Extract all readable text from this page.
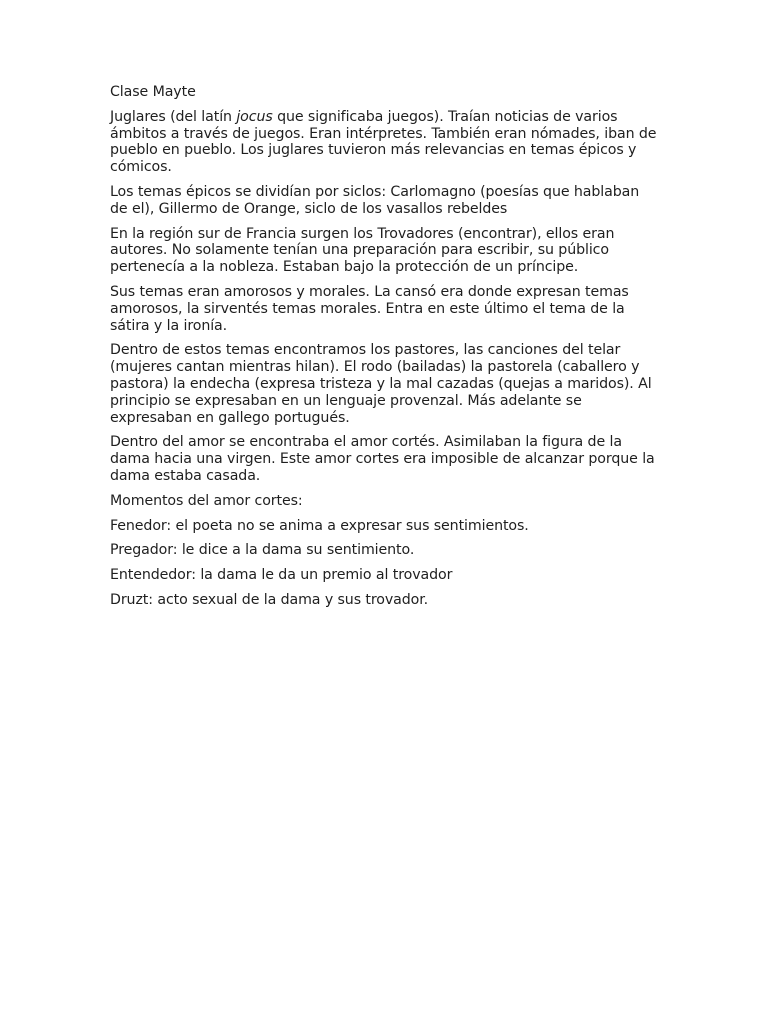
Clase Mayte

Juglares (del latín jocus que significaba juegos). Traían noticias de varios ámbitos a través de juegos. Eran intérpretes. También eran nómades, iban de pueblo en pueblo. Los juglares tuvieron más relevancias en temas épicos y cómicos.

Los temas épicos se dividían por siclos: Carlomagno (poesías que hablaban de el), Gillermo de Orange, siclo de los vasallos rebeldes

En la región sur de Francia surgen los Trovadores (encontrar), ellos eran autores. No solamente tenían una preparación para escribir, su público pertenecía a la nobleza. Estaban bajo la protección de un príncipe.

Sus temas eran amorosos y morales. La cansó era donde expresan temas amorosos, la sirventés temas morales. Entra en este último el tema de la sátira y la ironía.

Dentro de estos temas encontramos los pastores, las canciones del telar (mujeres cantan mientras hilan). El rodo (bailadas) la pastorela (caballero y pastora) la endecha (expresa tristeza y la mal cazadas (quejas a maridos). Al principio se expresaban en un lenguaje provenzal. Más adelante se expresaban en gallego portugués.

Dentro del amor se encontraba el amor cortés. Asimilaban la figura de la dama hacia una virgen. Este amor cortes era imposible de alcanzar porque la dama estaba casada.

Momentos del amor cortes:

Fenedor: el poeta no se anima a expresar sus sentimientos.

Pregador: le dice a la dama su sentimiento.

Entendedor: la dama le da un premio al trovador

Druzt: acto sexual de la dama y sus trovador.
